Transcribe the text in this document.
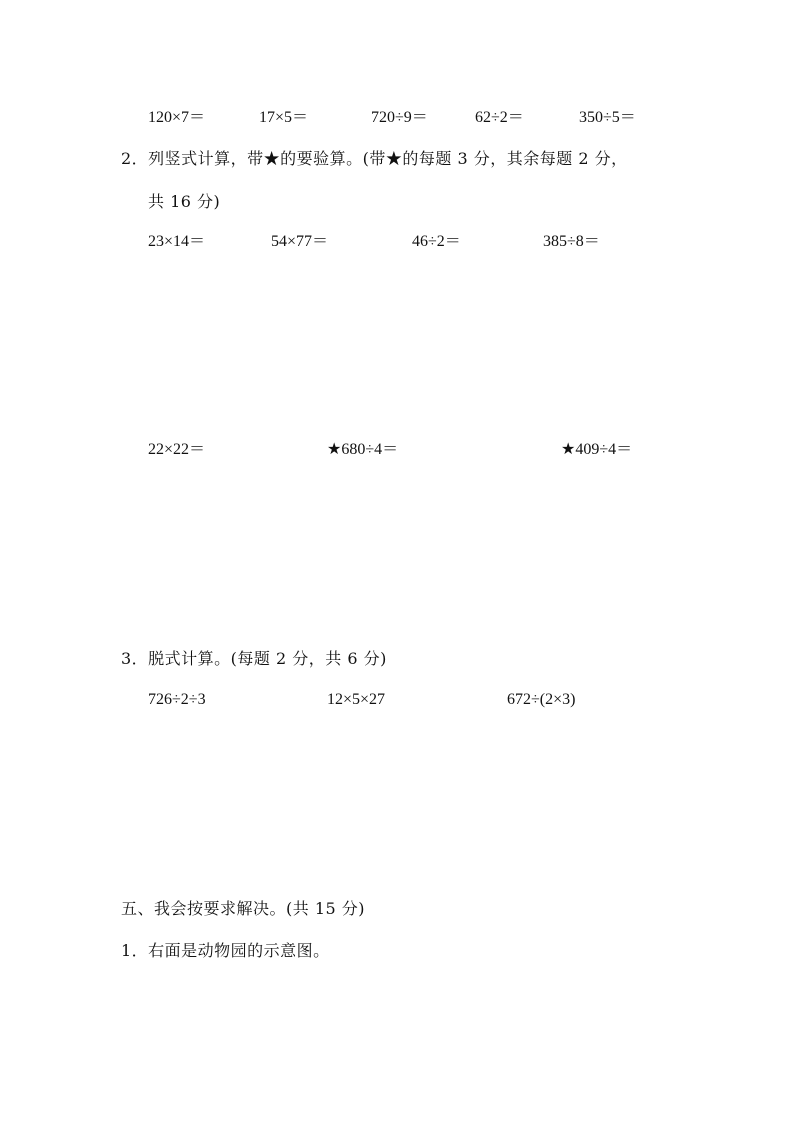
120×7＝	17×5＝	720÷9＝	62÷2＝	350÷5＝
2．列竖式计算，带★的要验算。(带★的每题 3 分，其余每题 2 分，
共 16 分)
23×14＝	54×77＝	46÷2＝	385÷8＝
22×22＝	★680÷4＝	★409÷4＝
3．脱式计算。(每题 2 分，共 6 分)
726÷2÷3	12×5×27	672÷(2×3)
五、我会按要求解决。(共 15 分)
1．右面是动物园的示意图。
